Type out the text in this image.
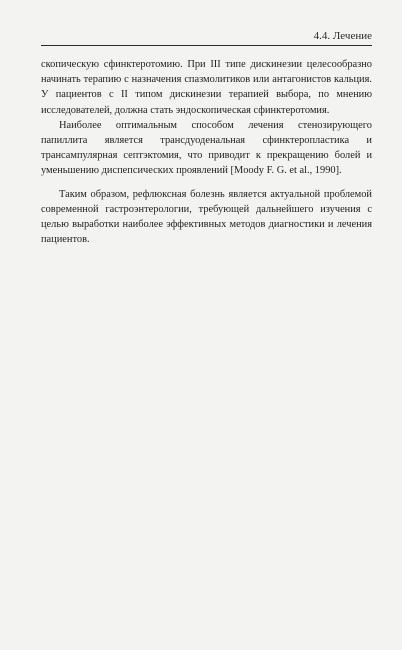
4.4. Лечение

скопическую сфинктеротомию. При III типе дискинезии целесообразно начинать терапию с назначения спазмолитиков или антагонистов кальция. У пациентов с II типом дискинезии терапией выбора, по мнению исследователей, должна стать эндоскопическая сфинктеротомия.

Наиболее оптимальным способом лечения стенозирующего папиллита является трансдуоденальная сфинктеропластика и трансампулярная септэктомия, что приводит к прекращению болей и уменьшению диспепсических проявлений [Moody F. G. et al., 1990].

Таким образом, рефлюксная болезнь является актуальной проблемой современной гастроэнтерологии, требующей дальнейшего изучения с целью выработки наиболее эффективных методов диагностики и лечения пациентов.
